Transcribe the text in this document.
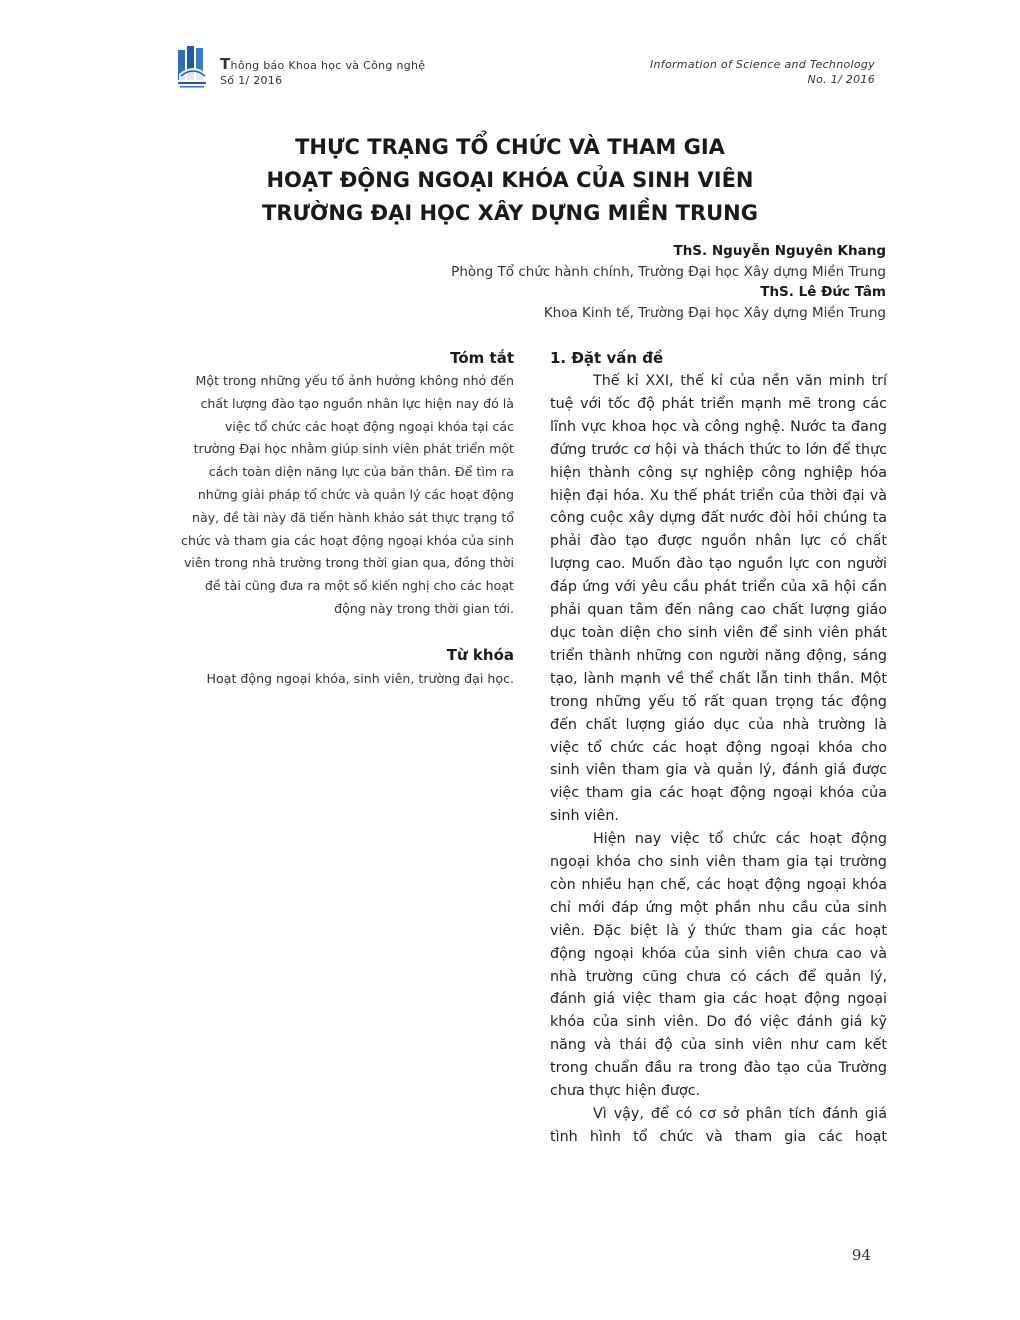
Thông báo Khoa học và Công nghệ
Số 1/ 2016
Information of Science and Technology
No. 1/ 2016
THỰC TRẠNG TỔ CHỨC VÀ THAM GIA
HOẠT ĐỘNG NGOẠI KHÓA CỦA SINH VIÊN
TRƯỜNG ĐẠI HỌC XÂY DỰNG MIỀN TRUNG
ThS. Nguyễn Nguyên Khang
Phòng Tổ chức hành chính, Trường Đại học Xây dựng Miền Trung
ThS. Lê Đức Tâm
Khoa Kinh tế, Trường Đại học Xây dựng Miền Trung
Tóm tắt
Một trong những yếu tố ảnh hưởng không nhỏ đến chất lượng đào tạo nguồn nhân lực hiện nay đó là việc tổ chức các hoạt động ngoại khóa tại các trường Đại học nhằm giúp sinh viên phát triển một cách toàn diện năng lực của bản thân. Để tìm ra những giải pháp tổ chức và quản lý các hoạt động này, đề tài này đã tiến hành khảo sát thực trạng tổ chức và tham gia các hoạt động ngoại khóa của sinh viên trong nhà trường trong thời gian qua, đồng thời đề tài cũng đưa ra một số kiến nghị cho các hoạt động này trong thời gian tới.
Từ khóa
Hoạt động ngoại khóa, sinh viên, trường đại học.
1. Đặt vấn đề

Thế kỉ XXI, thế kỉ của nền văn minh trí tuệ với tốc độ phát triển mạnh mẽ trong các lĩnh vực khoa học và công nghệ. Nước ta đang đứng trước cơ hội và thách thức to lớn để thực hiện thành công sự nghiệp công nghiệp hóa hiện đại hóa. Xu thế phát triển của thời đại và công cuộc xây dựng đất nước đòi hỏi chúng ta phải đào tạo được nguồn nhân lực có chất lượng cao. Muốn đào tạo nguồn lực con người đáp ứng với yêu cầu phát triển của xã hội cần phải quan tâm đến nâng cao chất lượng giáo dục toàn diện cho sinh viên để sinh viên phát triển thành những con người năng động, sáng tạo, lành mạnh về thể chất lẫn tinh thần. Một trong những yếu tố rất quan trọng tác động đến chất lượng giáo dục của nhà trường là việc tổ chức các hoạt động ngoại khóa cho sinh viên tham gia và quản lý, đánh giá được việc tham gia các hoạt động ngoại khóa của sinh viên.

Hiện nay việc tổ chức các hoạt động ngoại khóa cho sinh viên tham gia tại trường còn nhiều hạn chế, các hoạt động ngoại khóa chỉ mới đáp ứng một phần nhu cầu của sinh viên. Đặc biệt là ý thức tham gia các hoạt động ngoại khóa của sinh viên chưa cao và nhà trường cũng chưa có cách để quản lý, đánh giá việc tham gia các hoạt động ngoại khóa của sinh viên. Do đó việc đánh giá kỹ năng và thái độ của sinh viên như cam kết trong chuẩn đầu ra trong đào tạo của Trường chưa thực hiện được.

Vì vậy, để có cơ sở phân tích đánh giá tình hình tổ chức và tham gia các hoạt

94
